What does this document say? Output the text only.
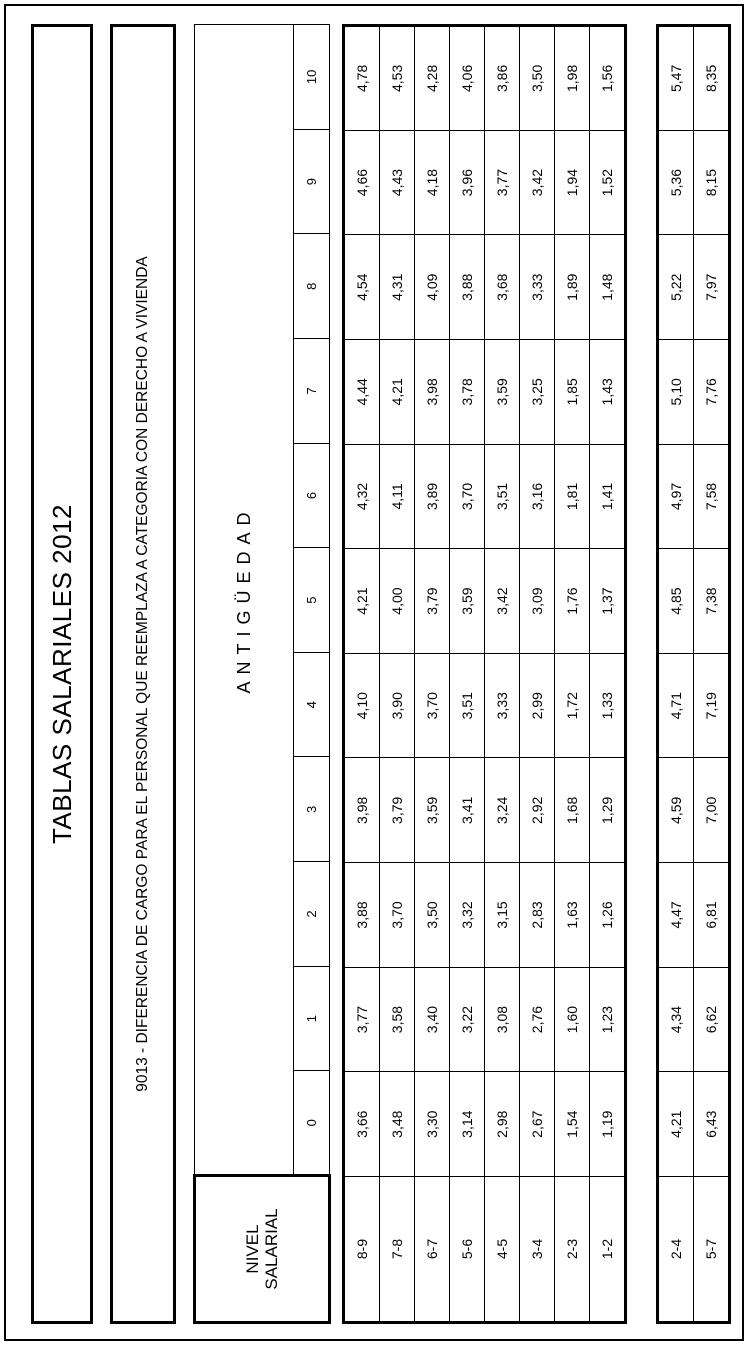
TABLAS SALARIALES 2012	9013 - DIFERENCIA DE CARGO PARA EL PERSONAL QUE REEMPLAZA A CATEGORIA CON DERECHO A VIVIENDA
NIVEL SALARIAL	ANTIGÜEDAD										
	0	1	2	3	4	5	6	7	8	9	10
8-9	3,66	3,77	3,88	3,98	4,10	4,21	4,32	4,44	4,54	4,66	4,78
7-8	3,48	3,58	3,70	3,79	3,90	4,00	4,11	4,21	4,31	4,43	4,53
6-7	3,30	3,40	3,50	3,59	3,70	3,79	3,89	3,98	4,09	4,18	4,28
5-6	3,14	3,22	3,32	3,41	3,51	3,59	3,70	3,78	3,88	3,96	4,06
4-5	2,98	3,08	3,15	3,24	3,33	3,42	3,51	3,59	3,68	3,77	3,86
3-4	2,67	2,76	2,83	2,92	2,99	3,09	3,16	3,25	3,33	3,42	3,50
2-3	1,54	1,60	1,63	1,68	1,72	1,76	1,81	1,85	1,89	1,94	1,98
1-2	1,19	1,23	1,26	1,29	1,33	1,37	1,41	1,43	1,48	1,52	1,56
2-4	4,21	4,34	4,47	4,59	4,71	4,85	4,97	5,10	5,22	5,36	5,47
5-7	6,43	6,62	6,81	7,00	7,19	7,38	7,58	7,76	7,97	8,15	8,35
